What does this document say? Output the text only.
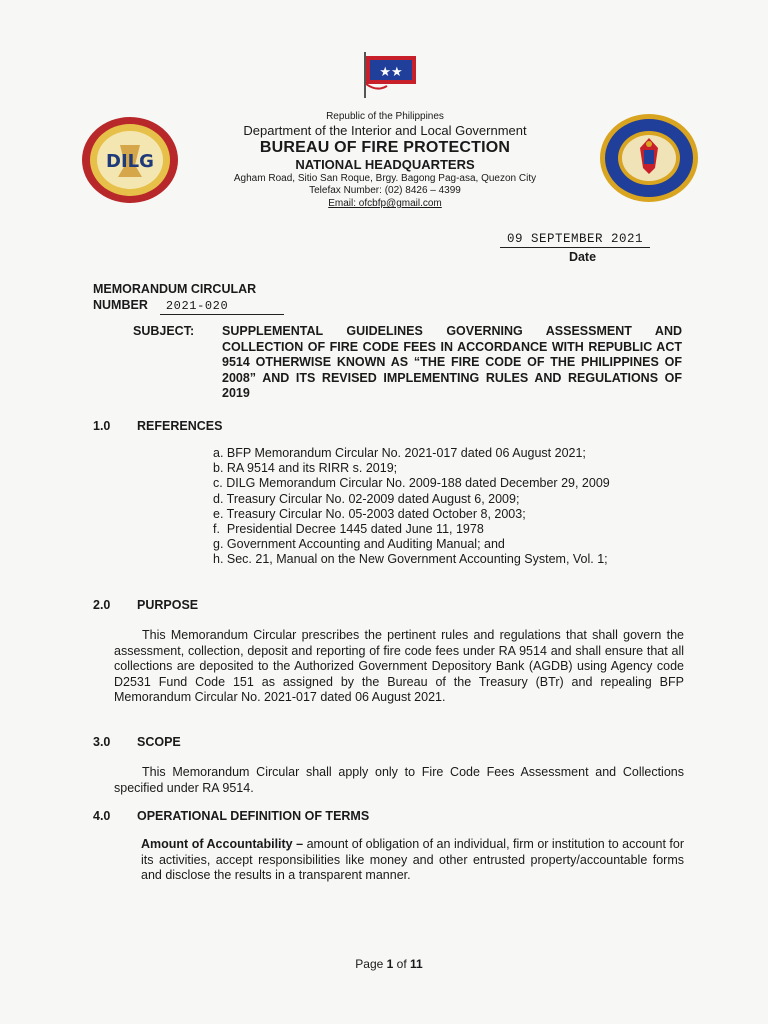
★★
DILG
Republic of the Philippines
Department of the Interior and Local Government
BUREAU OF FIRE PROTECTION
NATIONAL HEADQUARTERS
Agham Road, Sitio San Roque, Brgy. Bagong Pag-asa, Quezon City
Telefax Number: (02) 8426 – 4399
Email: ofcbfp@gmail.com
09 SEPTEMBER 2021
Date
MEMORANDUM CIRCULAR
NUMBER 2021-020
SUBJECT: SUPPLEMENTAL GUIDELINES GOVERNING ASSESSMENT AND COLLECTION OF FIRE CODE FEES IN ACCORDANCE WITH REPUBLIC ACT 9514 OTHERWISE KNOWN AS “THE FIRE CODE OF THE PHILIPPINES OF 2008” AND ITS REVISED IMPLEMENTING RULES AND REGULATIONS OF 2019
1.0 REFERENCES
a. BFP Memorandum Circular No. 2021-017 dated 06 August 2021;
b. RA 9514 and its RIRR s. 2019;
c. DILG Memorandum Circular No. 2009-188 dated December 29, 2009
d. Treasury Circular No. 02-2009 dated August 6, 2009;
e. Treasury Circular No. 05-2003 dated October 8, 2003;
f.  Presidential Decree 1445 dated June 11, 1978
g. Government Accounting and Auditing Manual; and
h. Sec. 21, Manual on the New Government Accounting System, Vol. 1;
2.0 PURPOSE
This Memorandum Circular prescribes the pertinent rules and regulations that shall govern the assessment, collection, deposit and reporting of fire code fees under RA 9514 and shall ensure that all collections are deposited to the Authorized Government Depository Bank (AGDB) using Agency code D2531 Fund Code 151 as assigned by the Bureau of the Treasury (BTr) and repealing BFP Memorandum Circular No. 2021-017 dated 06 August 2021.
3.0 SCOPE
This Memorandum Circular shall apply only to Fire Code Fees Assessment and Collections specified under RA 9514.
4.0 OPERATIONAL DEFINITION OF TERMS
Amount of Accountability – amount of obligation of an individual, firm or institution to account for its activities, accept responsibilities like money and other entrusted property/accountable forms and disclose the results in a transparent manner.
Page 1 of 11
